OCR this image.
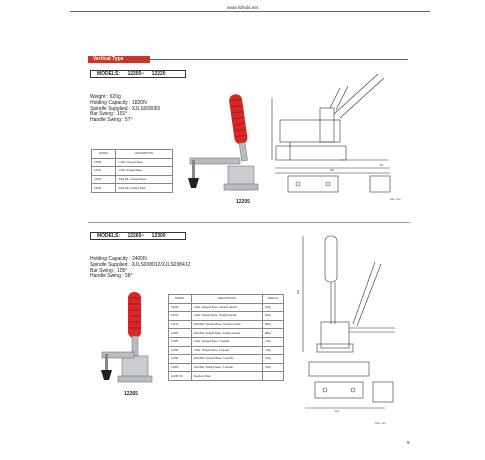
www.lizhida.net
Vertical Type
MODELS: 12205~ 12220
Weight : 620g
Holding Capacity : 1820N
Spindle Supplied : XJLS008065
Bar Swing : 101°
Handle Swing : 57°
MODEL	DESCRIPTION
12205	U-Bar, Flanged Base
12210	U-Bar, Straight Base
12215	Solid Bar, Flanged Base
12220	Solid Bar, Straight Base
12205
45
200
Unit : mm
MODELS: 12265~ 12300
Holding Capacity : 2400N
Spindle Supplied : XJLS038012/XJLS038412
Bar Swing : 105°
Handle Swing : 58°
12265
MODEL	DESCRIPTION	WEIGHT
12265	U-Bar, Flanged Base, Straight Handle	620g
12270	U-Bar, Straight Base, Straight Handle	620g
12275	Solid Bar, Flanged Base, Straight Handle	880g
12280	Solid Bar, Straight Base, Straight Handle	880g
12285	U-Bar, Flanged Base, T-Handle	715g
12290	U-Bar, Straight Base, T-Handle	715g
12295	Solid Bar, Flanged Base, T-Handle	700g
12300	Solid Bar, Straight Base, T-Handle	700g
12265-SS	Stainless Steel	
258
112
Unit : mm
9
